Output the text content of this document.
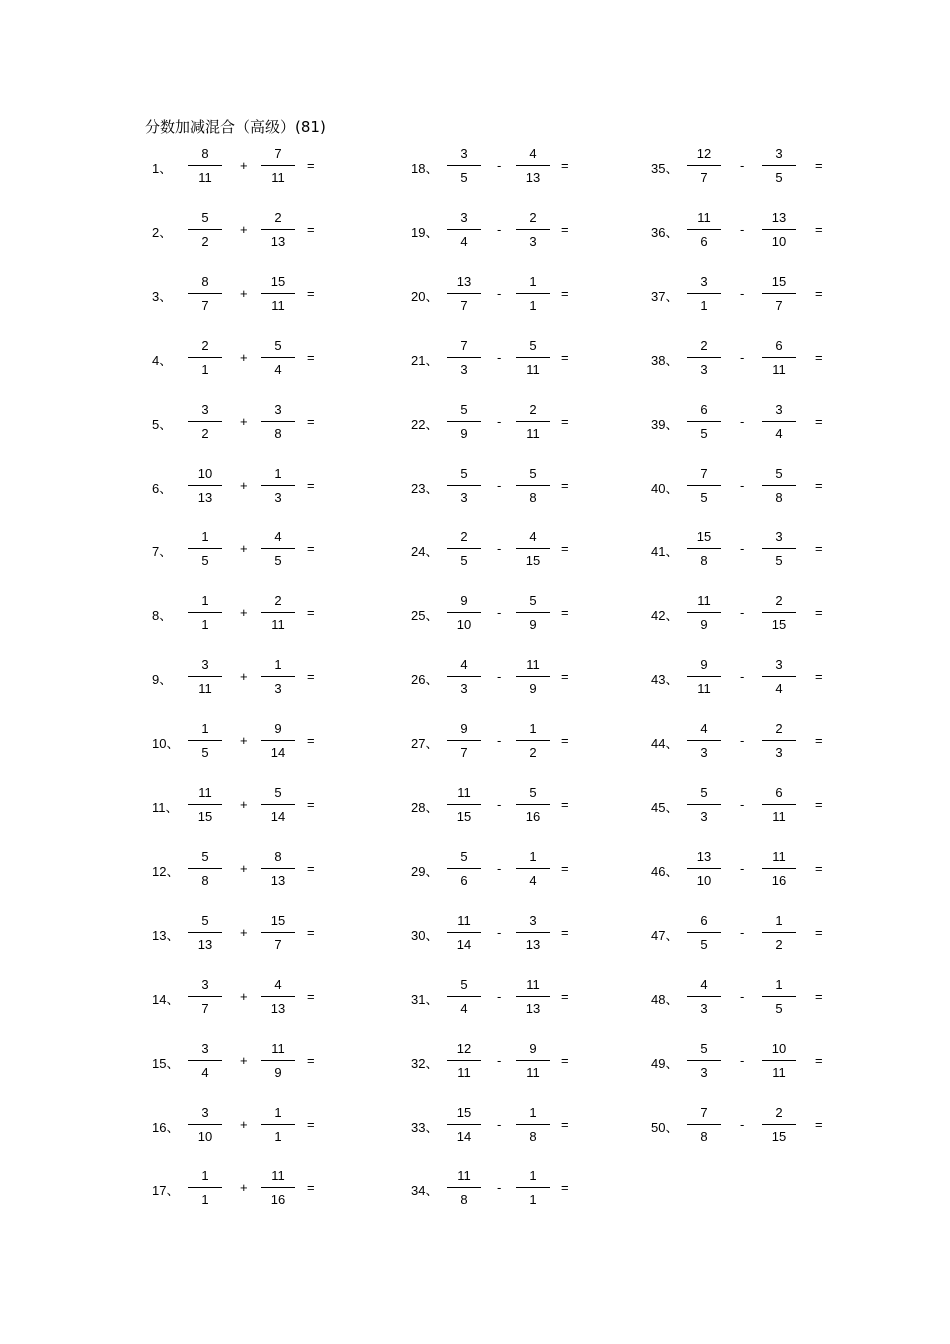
分数加减混合（高级）(81)
1、
8
11
+
7
11
=
2、
5
2
+
2
13
=
3、
8
7
+
15
11
=
4、
2
1
+
5
4
=
5、
3
2
+
3
8
=
6、
10
13
+
1
3
=
7、
1
5
+
4
5
=
8、
1
1
+
2
11
=
9、
3
11
+
1
3
=
10、
1
5
+
9
14
=
11、
11
15
+
5
14
=
12、
5
8
+
8
13
=
13、
5
13
+
15
7
=
14、
3
7
+
4
13
=
15、
3
4
+
11
9
=
16、
3
10
+
1
1
=
17、
1
1
+
11
16
=
18、
3
5
-
4
13
=
19、
3
4
-
2
3
=
20、
13
7
-
1
1
=
21、
7
3
-
5
11
=
22、
5
9
-
2
11
=
23、
5
3
-
5
8
=
24、
2
5
-
4
15
=
25、
9
10
-
5
9
=
26、
4
3
-
11
9
=
27、
9
7
-
1
2
=
28、
11
15
-
5
16
=
29、
5
6
-
1
4
=
30、
11
14
-
3
13
=
31、
5
4
-
11
13
=
32、
12
11
-
9
11
=
33、
15
14
-
1
8
=
34、
11
8
-
1
1
=
35、
12
7
-
3
5
=
36、
11
6
-
13
10
=
37、
3
1
-
15
7
=
38、
2
3
-
6
11
=
39、
6
5
-
3
4
=
40、
7
5
-
5
8
=
41、
15
8
-
3
5
=
42、
11
9
-
2
15
=
43、
9
11
-
3
4
=
44、
4
3
-
2
3
=
45、
5
3
-
6
11
=
46、
13
10
-
11
16
=
47、
6
5
-
1
2
=
48、
4
3
-
1
5
=
49、
5
3
-
10
11
=
50、
7
8
-
2
15
=
